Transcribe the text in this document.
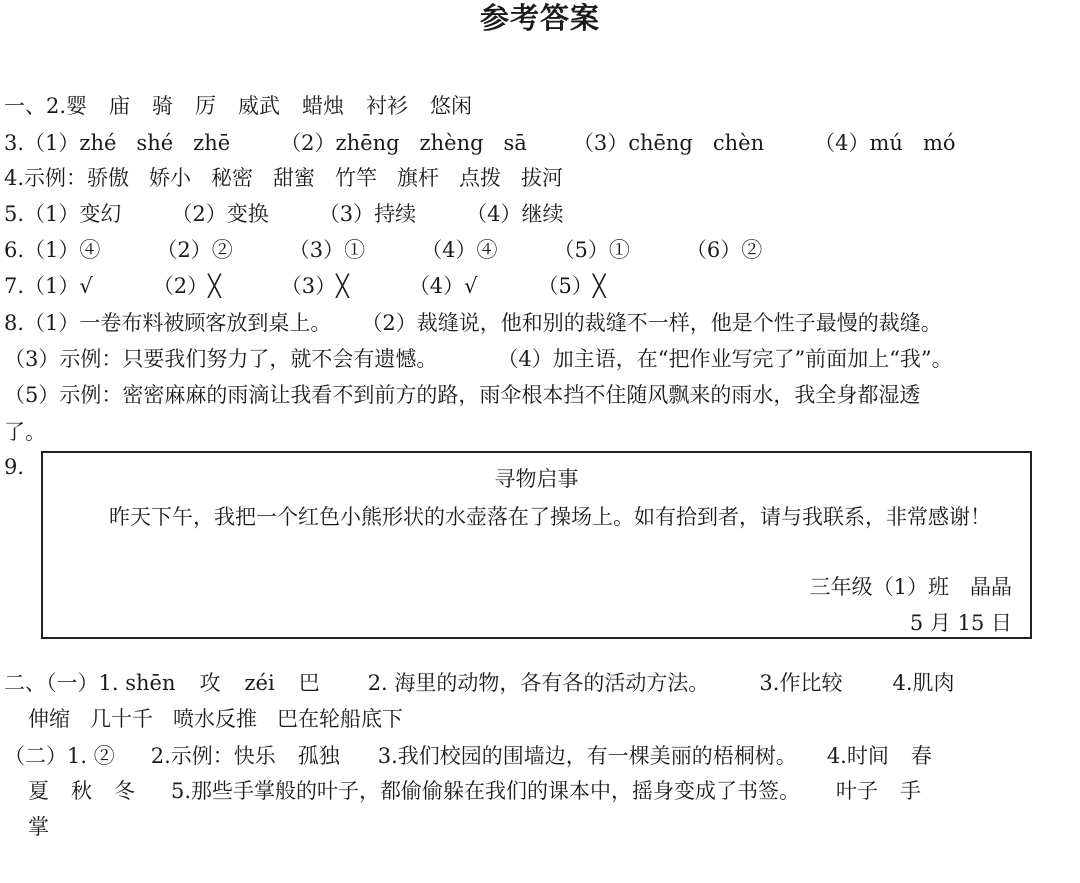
参考答案
一、2.婴 庙 骑 厉 威武 蜡烛 衬衫 悠闲
3.（1）zhé shé zhē （2）zhēng zhèng sā （3）chēng chèn （4）mú mó
4.示例：骄傲 娇小 秘密 甜蜜 竹竿 旗杆 点拨 拔河
5.（1）变幻 （2）变换 （3）持续 （4）继续
6.（1）④	（2）②	（3）①	（4）④	（5）①	（6）②
7.（1）√	（2）╳	（3）╳	（4）√	（5）╳
8.（1）一卷布料被顾客放到桌上。 （2）裁缝说，他和别的裁缝不一样，他是个性子最慢的裁缝。
（3）示例：只要我们努力了，就不会有遗憾。	（4）加主语，在“把作业写完了”前面加上“我”。
（5）示例：密密麻麻的雨滴让我看不到前方的路，雨伞根本挡不住随风飘来的雨水，我全身都湿透
了。
9.	寻物启事
昨天下午，我把一个红色小熊形状的水壶落在了操场上。如有拾到者，请与我联系，非常感谢！
三年级（1）班　晶晶
5 月 15 日
二、（一）1. shēn 攻 zéi 巴 2. 海里的动物，各有各的活动方法。 3.作比较 4.肌肉
伸缩 几十千 喷水反推 巴在轮船底下
（二）1. ② 2.示例：快乐 孤独 3.我们校园的围墙边，有一棵美丽的梧桐树。 4.时间 春
夏 秋 冬 5.那些手掌般的叶子，都偷偷躲在我们的课本中，摇身变成了书签。 叶子 手
掌
